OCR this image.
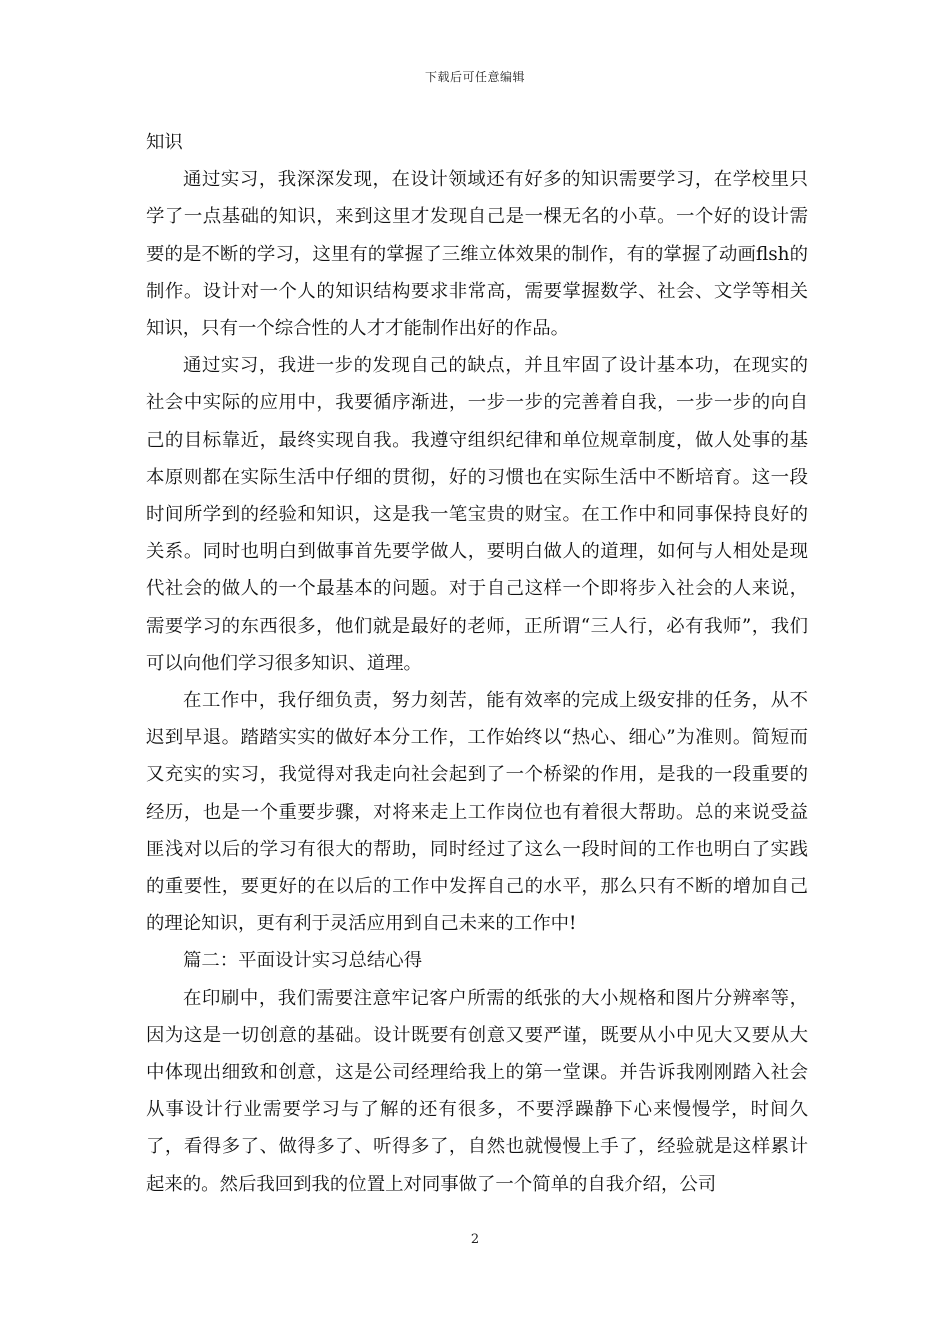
下载后可任意编辑

知识

通过实习，我深深发现，在设计领域还有好多的知识需要学习，在学校里只学了一点基础的知识，来到这里才发现自己是一棵无名的小草。一个好的设计需要的是不断的学习，这里有的掌握了三维立体效果的制作，有的掌握了动画flsh的制作。设计对一个人的知识结构要求非常高，需要掌握数学、社会、文学等相关知识，只有一个综合性的人才才能制作出好的作品。

通过实习，我进一步的发现自己的缺点，并且牢固了设计基本功，在现实的社会中实际的应用中，我要循序渐进，一步一步的完善着自我，一步一步的向自己的目标靠近，最终实现自我。我遵守组织纪律和单位规章制度，做人处事的基本原则都在实际生活中仔细的贯彻，好的习惯也在实际生活中不断培育。这一段时间所学到的经验和知识，这是我一笔宝贵的财宝。在工作中和同事保持良好的关系。同时也明白到做事首先要学做人，要明白做人的道理，如何与人相处是现代社会的做人的一个最基本的问题。对于自己这样一个即将步入社会的人来说，需要学习的东西很多，他们就是最好的老师，正所谓“三人行，必有我师”，我们可以向他们学习很多知识、道理。

在工作中，我仔细负责，努力刻苦，能有效率的完成上级安排的任务，从不迟到早退。踏踏实实的做好本分工作，工作始终以“热心、细心”为准则。简短而又充实的实习，我觉得对我走向社会起到了一个桥梁的作用，是我的一段重要的经历，也是一个重要步骤，对将来走上工作岗位也有着很大帮助。总的来说受益匪浅对以后的学习有很大的帮助，同时经过了这么一段时间的工作也明白了实践的重要性，要更好的在以后的工作中发挥自己的水平，那么只有不断的增加自己的理论知识，更有利于灵活应用到自己未来的工作中!

篇二：平面设计实习总结心得

在印刷中，我们需要注意牢记客户所需的纸张的大小规格和图片分辨率等，因为这是一切创意的基础。设计既要有创意又要严谨，既要从小中见大又要从大中体现出细致和创意，这是公司经理给我上的第一堂课。并告诉我刚刚踏入社会从事设计行业需要学习与了解的还有很多，不要浮躁静下心来慢慢学，时间久了，看得多了、做得多了、听得多了，自然也就慢慢上手了，经验就是这样累计起来的。然后我回到我的位置上对同事做了一个简单的自我介绍，公司

2
